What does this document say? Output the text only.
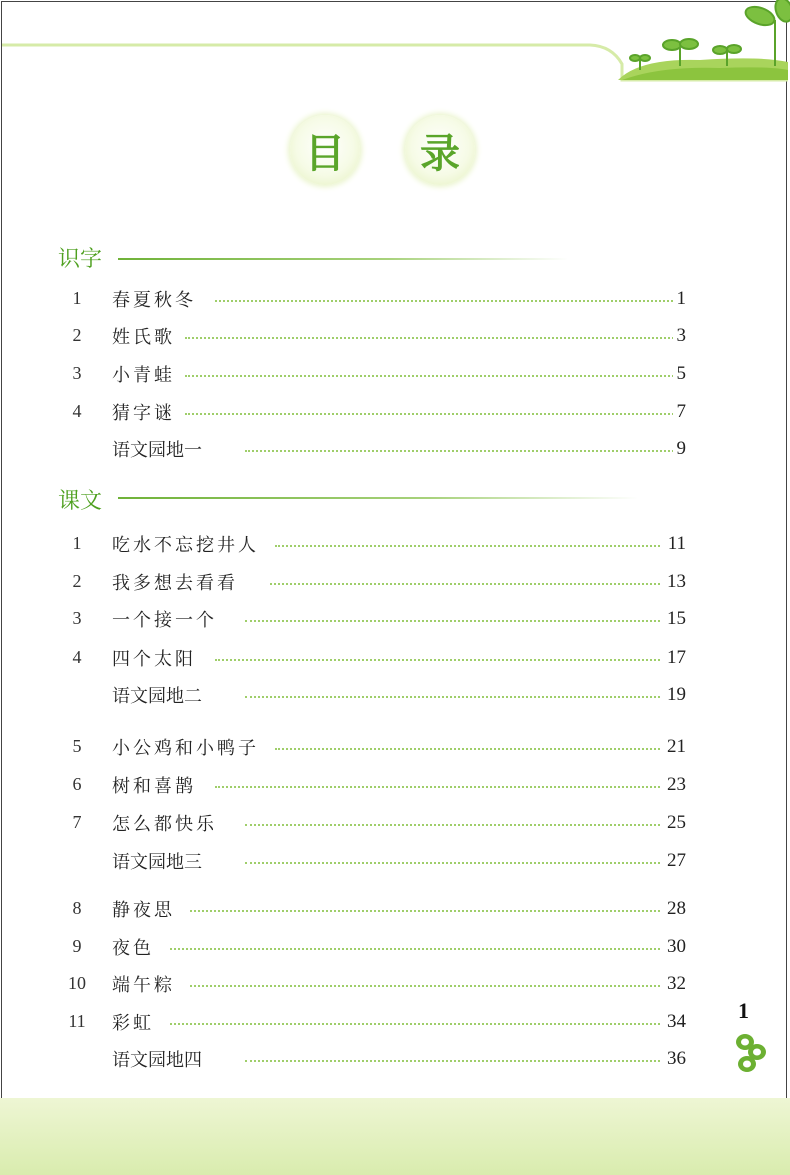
目	录
识字
1	春夏秋冬	1
2	姓氏歌	3
3	小青蛙	5
4	猜字谜	7
语文园地一	9
课文
1	吃水不忘挖井人	11
2	我多想去看看	13
3	一个接一个	15
4	四个太阳	17
语文园地二	19
5	小公鸡和小鸭子	21
6	树和喜鹊	23
7	怎么都快乐	25
语文园地三	27
8	静夜思	28
9	夜色	30
10	端午粽	32
11	彩虹	34
语文园地四	36
1
